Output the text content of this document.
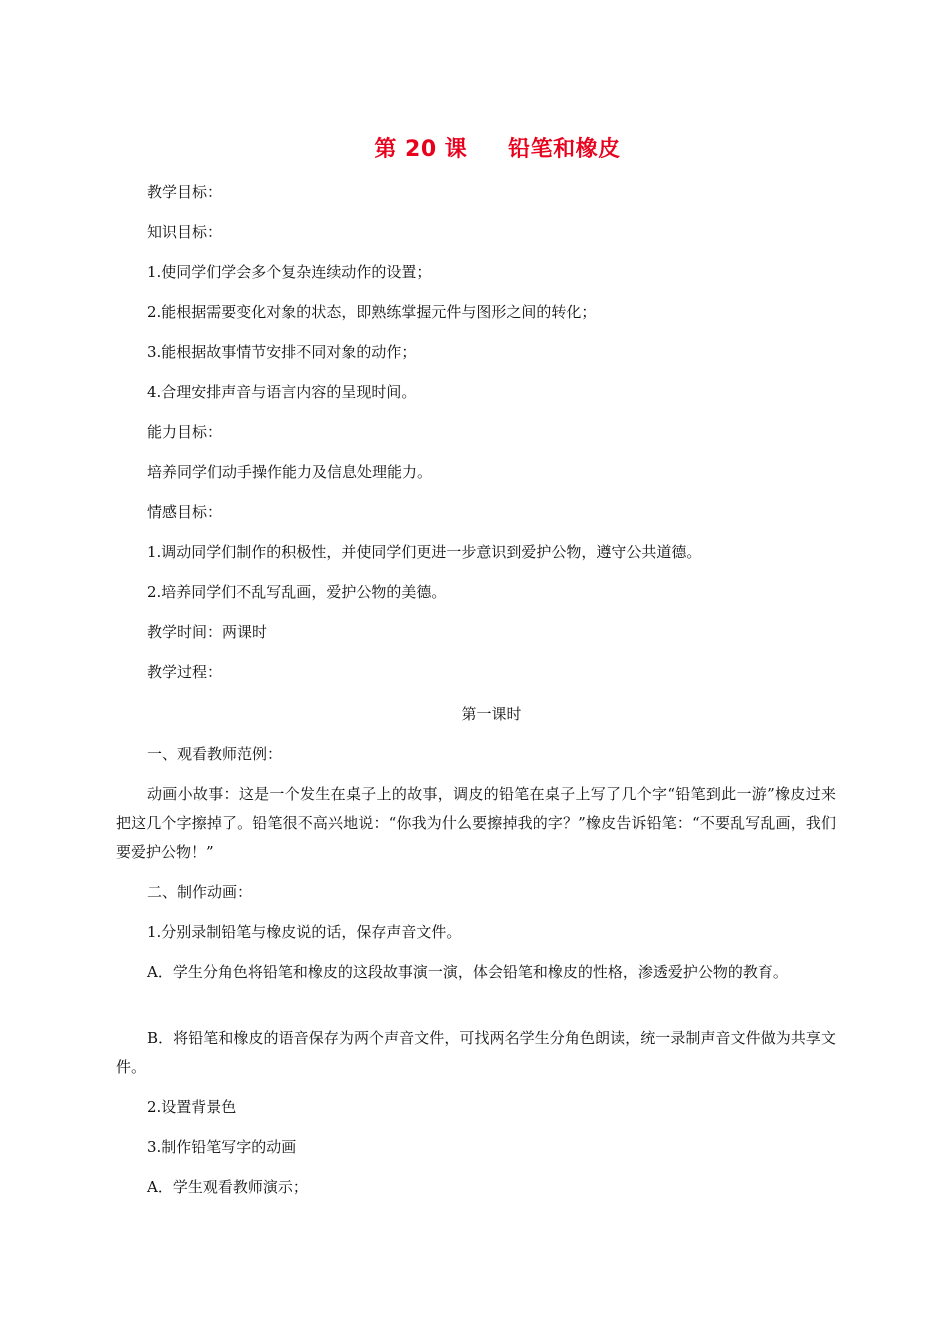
第 20 课     铅笔和橡皮
教学目标：
知识目标：
1.使同学们学会多个复杂连续动作的设置；
2.能根据需要变化对象的状态，即熟练掌握元件与图形之间的转化；
3.能根据故事情节安排不同对象的动作；
4.合理安排声音与语言内容的呈现时间。
能力目标：
培养同学们动手操作能力及信息处理能力。
情感目标：
1.调动同学们制作的积极性，并使同学们更进一步意识到爱护公物，遵守公共道德。
2.培养同学们不乱写乱画，爱护公物的美德。
教学时间：两课时
教学过程：
第一课时
一、观看教师范例：
动画小故事：这是一个发生在桌子上的故事，调皮的铅笔在桌子上写了几个字“铅笔到此一游”橡皮过来把这几个字擦掉了。铅笔很不高兴地说：“你我为什么要擦掉我的字？”橡皮告诉铅笔：“不要乱写乱画，我们要爱护公物！”
二、制作动画：
1.分别录制铅笔与橡皮说的话，保存声音文件。
A．学生分角色将铅笔和橡皮的这段故事演一演，体会铅笔和橡皮的性格，渗透爱护公物的教育。
B．将铅笔和橡皮的语音保存为两个声音文件，可找两名学生分角色朗读，统一录制声音文件做为共享文件。
2.设置背景色
3.制作铅笔写字的动画
A．学生观看教师演示；
